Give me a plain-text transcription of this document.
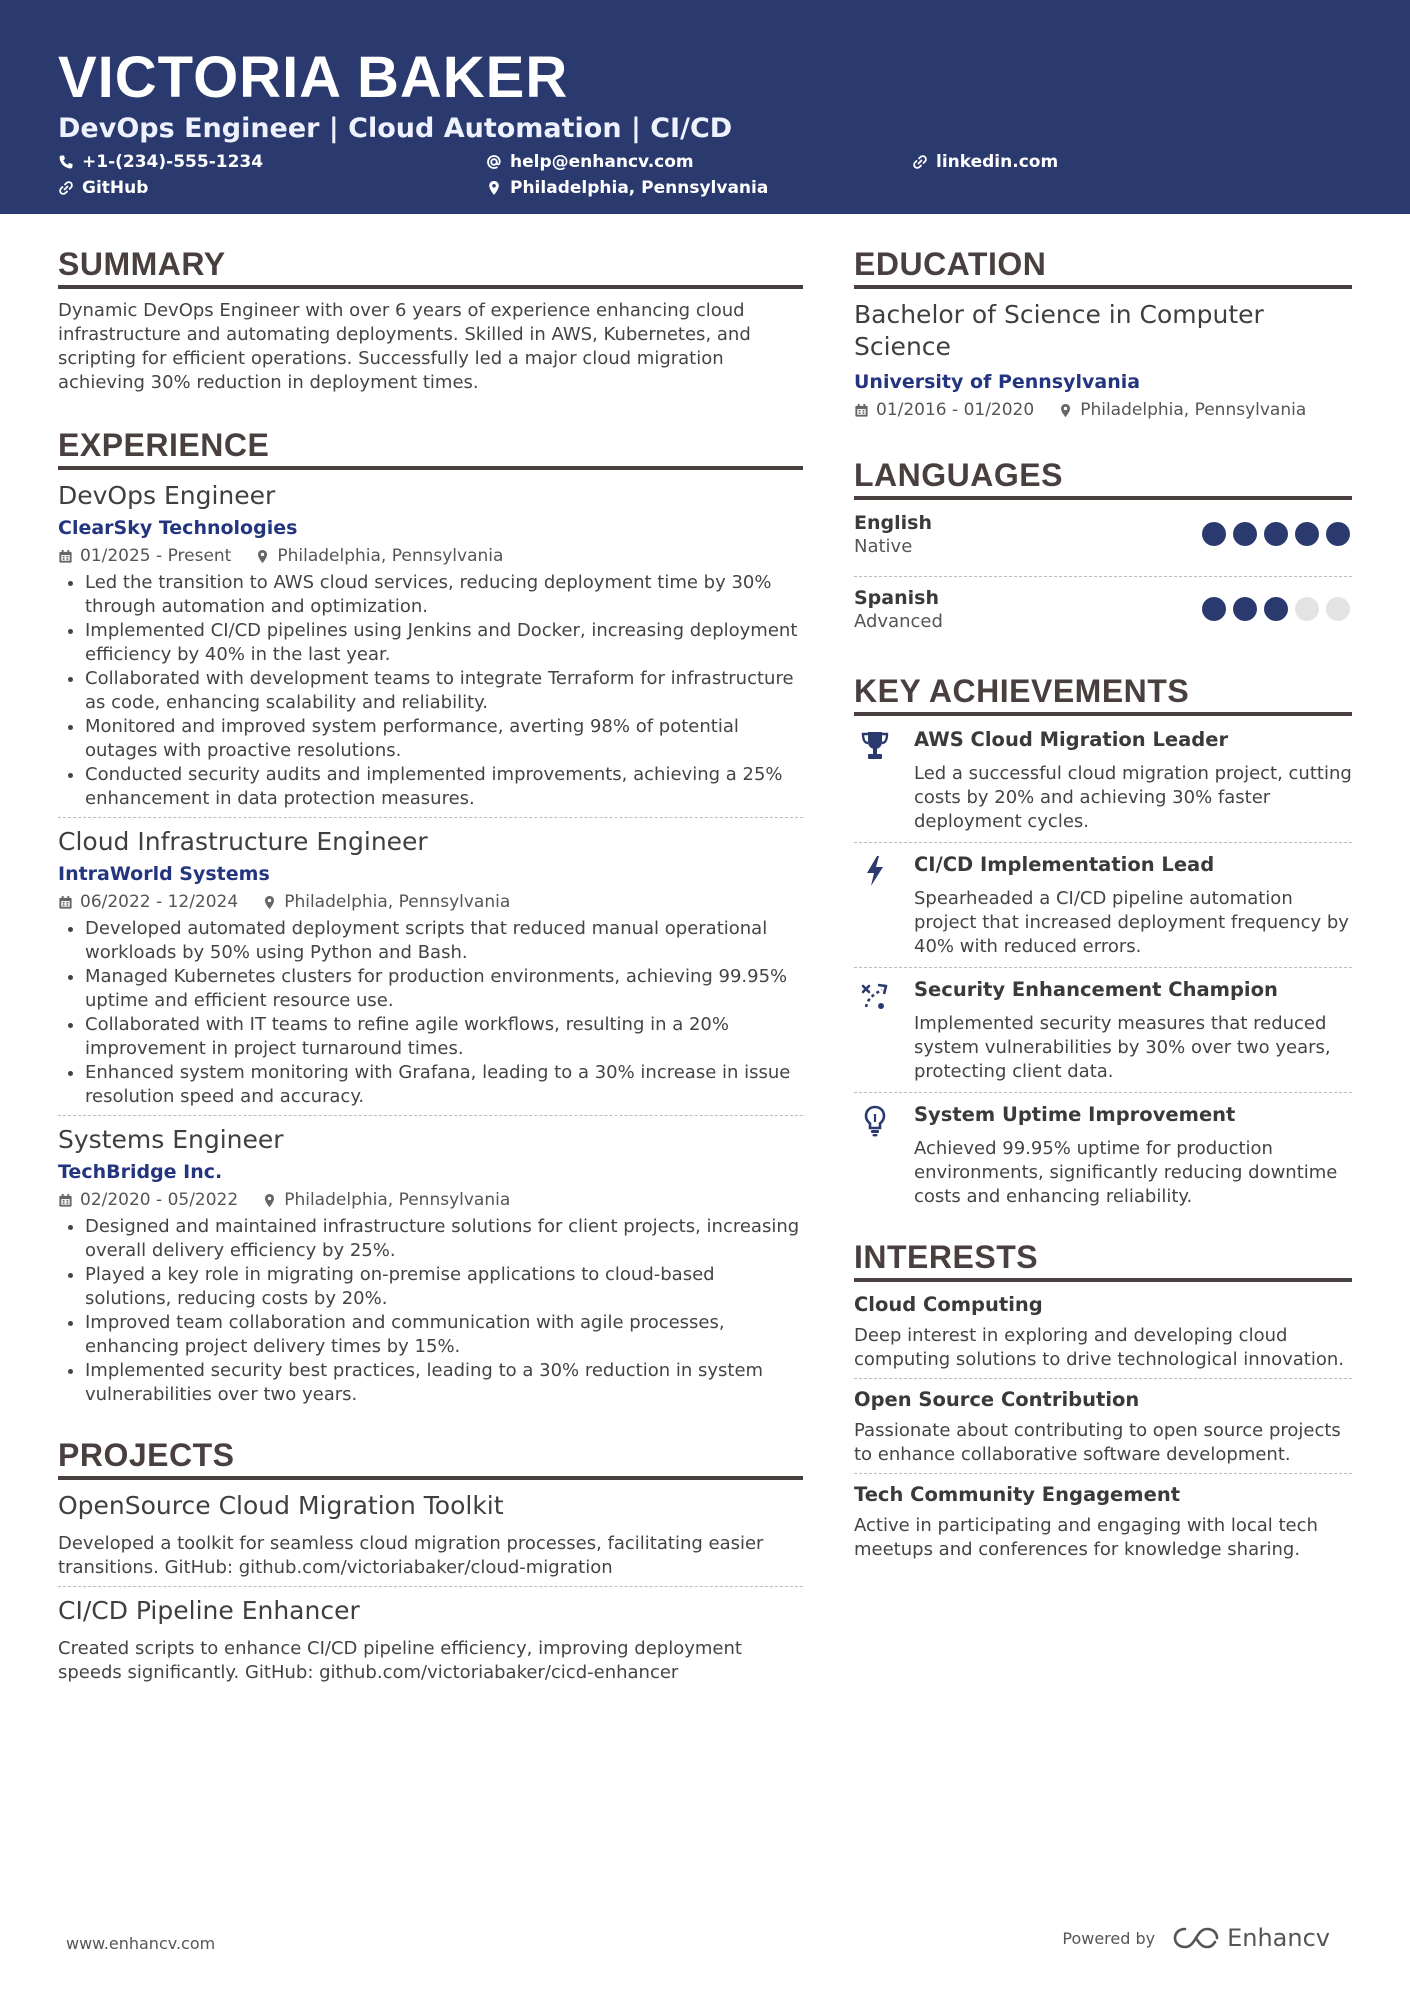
VICTORIA BAKER
DevOps Engineer | Cloud Automation | CI/CD
+1-(234)-555-1234	help@enhancv.com	linkedin.com
GitHub	Philadelphia, Pennsylvania
SUMMARY
Dynamic DevOps Engineer with over 6 years of experience enhancing cloud infrastructure and automating deployments. Skilled in AWS, Kubernetes, and scripting for efficient operations. Successfully led a major cloud migration achieving 30% reduction in deployment times.
EXPERIENCE
DevOps Engineer
ClearSky Technologies
01/2025 - Present	Philadelphia, Pennsylvania
Led the transition to AWS cloud services, reducing deployment time by 30% through automation and optimization.
Implemented CI/CD pipelines using Jenkins and Docker, increasing deployment efficiency by 40% in the last year.
Collaborated with development teams to integrate Terraform for infrastructure as code, enhancing scalability and reliability.
Monitored and improved system performance, averting 98% of potential outages with proactive resolutions.
Conducted security audits and implemented improvements, achieving a 25% enhancement in data protection measures.
Cloud Infrastructure Engineer
IntraWorld Systems
06/2022 - 12/2024	Philadelphia, Pennsylvania
Developed automated deployment scripts that reduced manual operational workloads by 50% using Python and Bash.
Managed Kubernetes clusters for production environments, achieving 99.95% uptime and efficient resource use.
Collaborated with IT teams to refine agile workflows, resulting in a 20% improvement in project turnaround times.
Enhanced system monitoring with Grafana, leading to a 30% increase in issue resolution speed and accuracy.
Systems Engineer
TechBridge Inc.
02/2020 - 05/2022	Philadelphia, Pennsylvania
Designed and maintained infrastructure solutions for client projects, increasing overall delivery efficiency by 25%.
Played a key role in migrating on-premise applications to cloud-based solutions, reducing costs by 20%.
Improved team collaboration and communication with agile processes, enhancing project delivery times by 15%.
Implemented security best practices, leading to a 30% reduction in system vulnerabilities over two years.
PROJECTS
OpenSource Cloud Migration Toolkit
Developed a toolkit for seamless cloud migration processes, facilitating easier transitions. GitHub: github.com/victoriabaker/cloud-migration
CI/CD Pipeline Enhancer
Created scripts to enhance CI/CD pipeline efficiency, improving deployment speeds significantly. GitHub: github.com/victoriabaker/cicd-enhancer
EDUCATION
Bachelor of Science in Computer Science
University of Pennsylvania
01/2016 - 01/2020	Philadelphia, Pennsylvania
LANGUAGES
English
Native
Spanish
Advanced
KEY ACHIEVEMENTS
AWS Cloud Migration Leader
Led a successful cloud migration project, cutting costs by 20% and achieving 30% faster deployment cycles.
CI/CD Implementation Lead
Spearheaded a CI/CD pipeline automation project that increased deployment frequency by 40% with reduced errors.
Security Enhancement Champion
Implemented security measures that reduced system vulnerabilities by 30% over two years, protecting client data.
System Uptime Improvement
Achieved 99.95% uptime for production environments, significantly reducing downtime costs and enhancing reliability.
INTERESTS
Cloud Computing
Deep interest in exploring and developing cloud computing solutions to drive technological innovation.
Open Source Contribution
Passionate about contributing to open source projects to enhance collaborative software development.
Tech Community Engagement
Active in participating and engaging with local tech meetups and conferences for knowledge sharing.
www.enhancv.com	Powered by	Enhancv
